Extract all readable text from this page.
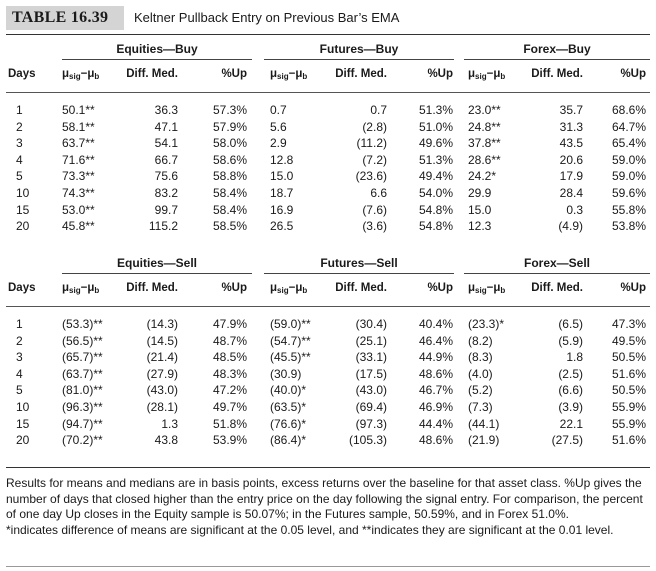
TABLE 16.39	Keltner Pullback Entry on Previous Bar’s EMA
Equities—Buy	Futures—Buy	Forex—Buy
Days $\mu_{sig}-\mu_b$ Diff. Med.	%Up $\mu_{sig}-\mu_b$ Diff. Med.	%Up $\mu_{sig}-\mu_b$ Diff. Med.	%Up
1	50.1**	36.3	57.3% 0.7	0.7	51.3% 23.0**	35.7 68.6%
2	58.1**	47.1	57.9% 5.6	(2.8)	51.0% 24.8**	31.3 64.7%
3	63.7**	54.1	58.0% 2.9	(11.2)	49.6% 37.8**	43.5 65.4%
4	71.6**	66.7	58.6% 12.8	(7.2)	51.3% 28.6**	20.6 59.0%
5	73.3**	75.6	58.8% 15.0	(23.6)	49.4% 24.2*	17.9 59.0%
10	74.3**	83.2	58.4% 18.7	6.6	54.0% 29.9	28.4 59.6%
15	53.0**	99.7	58.4% 16.9	(7.6)	54.8% 15.0	0.3 55.8%
20	45.8**	115.2	58.5% 26.5	(3.6)	54.8% 12.3	(4.9) 53.8%
Equities—Sell	Futures—Sell	Forex—Sell
Days $\mu_{sig}-\mu_b$ Diff. Med.	%Up $\mu_{sig}-\mu_b$ Diff. Med.	%Up $\mu_{sig}-\mu_b$ Diff. Med.	%Up
1	(53.3)**	(14.3)	47.9% (59.0)**	(30.4)	40.4% (23.3)*	(6.5) 47.3%
2	(56.5)**	(14.5)	48.7% (54.7)**	(25.1)	46.4% (8.2)	(5.9) 49.5%
3	(65.7)**	(21.4)	48.5% (45.5)**	(33.1)	44.9% (8.3)	1.8 50.5%
4	(63.7)**	(27.9)	48.3% (30.9)	(17.5)	48.6% (4.0)	(2.5) 51.6%
5	(81.0)**	(43.0)	47.2% (40.0)*	(43.0)	46.7% (5.2)	(6.6) 50.5%
10	(96.3)**	(28.1)	49.7% (63.5)*	(69.4)	46.9% (7.3)	(3.9) 55.9%
15	(94.7)**	1.3	51.8% (76.6)*	(97.3)	44.4% (44.1)	22.1 55.9%
20	(70.2)**	43.8	53.9% (86.4)*	(105.3)	48.6% (21.9)	(27.5) 51.6%

Results for means and medians are in basis points, excess returns over the baseline for that asset class. %Up gives the number of days that closed higher than the entry price on the day following the signal entry. For comparison, the percent of one day Up closes in the Equity sample is 50.07%; in the Futures sample, 50.59%, and in Forex 51.0%.

*indicates difference of means are significant at the 0.05 level, and **indicates they are significant at the 0.01 level.
